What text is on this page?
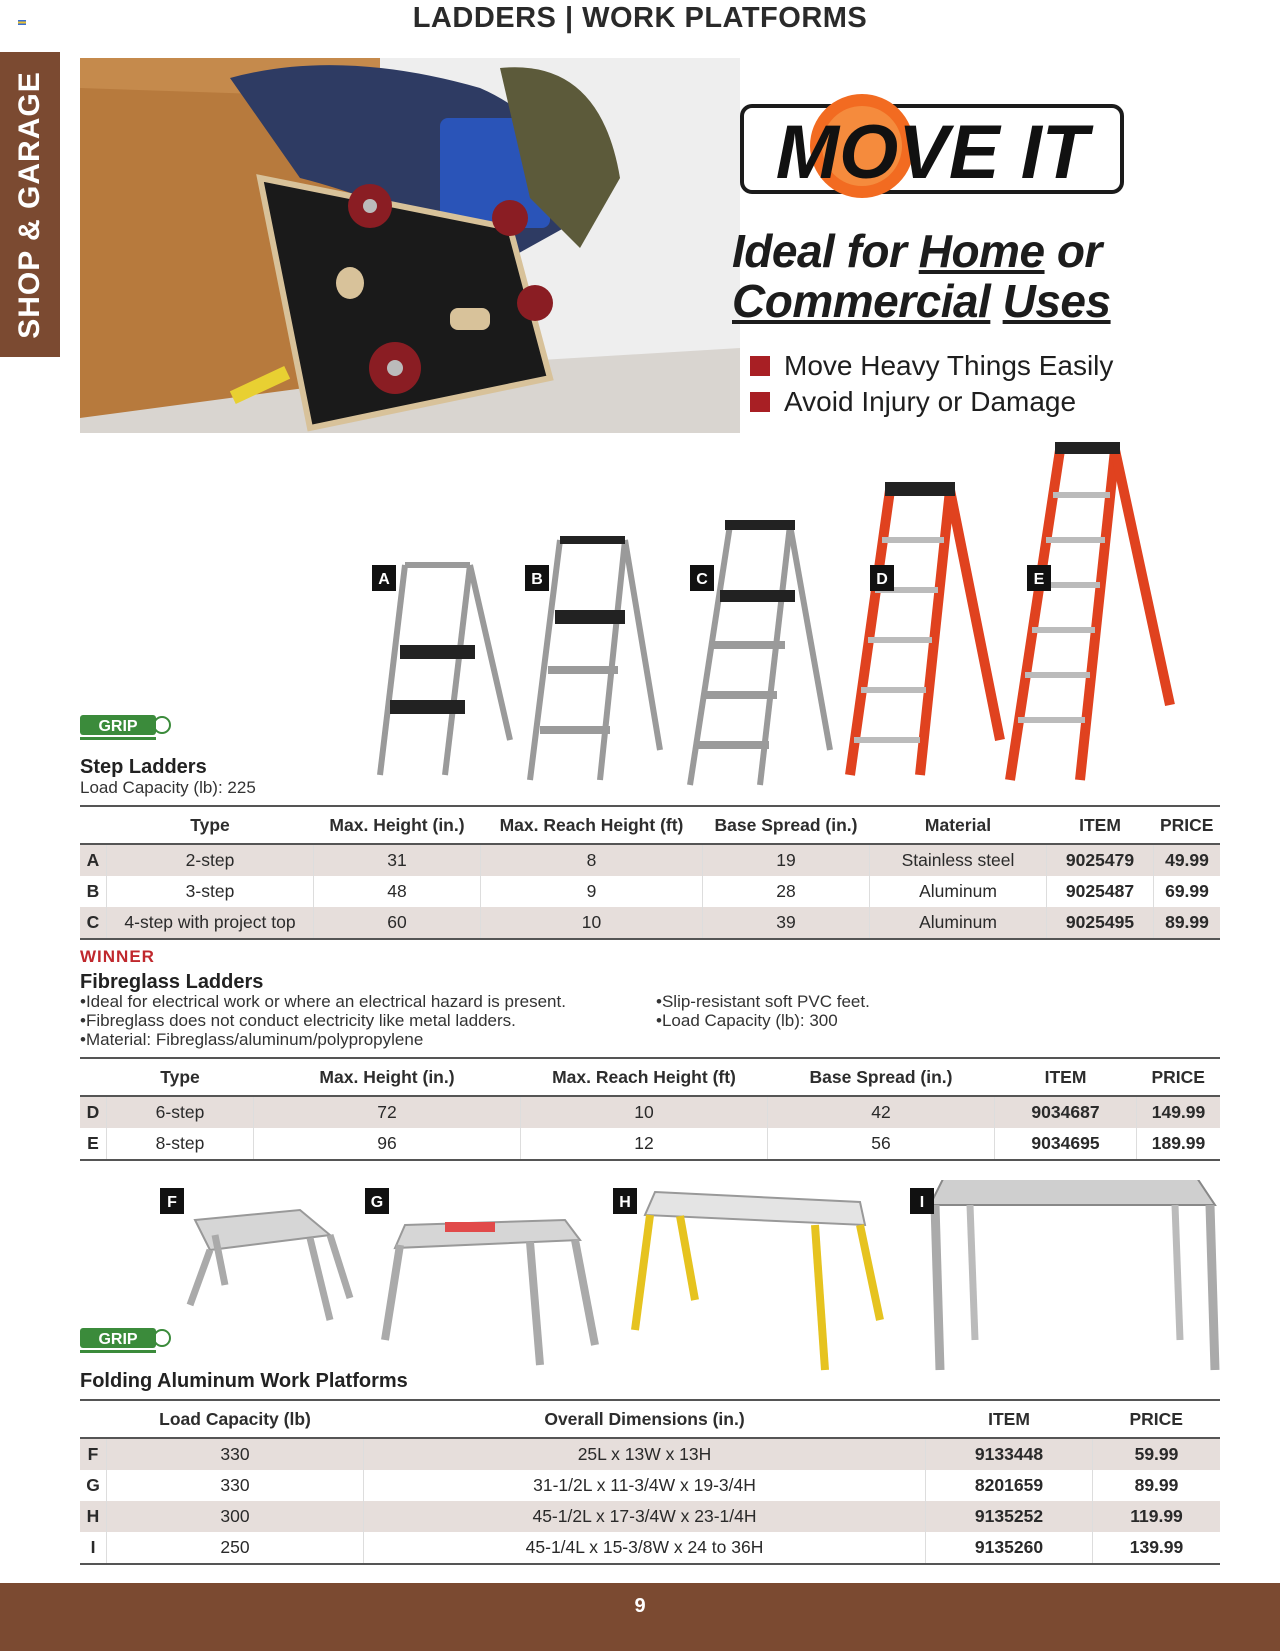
LADDERS | WORK PLATFORMS
SHOP & GARAGE	MOVE IT
Ideal for Home or
Commercial Uses
Move Heavy Things Easily
Avoid Injury or Damage
A	B	C	D	E
GRIP
Step Ladders
Load Capacity (lb): 225
	Type	Max. Height (in.)	Max. Reach Height (ft)	Base Spread (in.)	Material	ITEM	PRICE
A	2-step	31	8	19	Stainless steel	9025479	49.99
B	3-step	48	9	28	Aluminum	9025487	69.99
C	4-step with project top	60	10	39	Aluminum	9025495	89.99
WINNER
Fibreglass Ladders
•Ideal for electrical work or where an electrical hazard is present.
•Fibreglass does not conduct electricity like metal ladders.
•Material: Fibreglass/aluminum/polypropylene
•Slip-resistant soft PVC feet.
•Load Capacity (lb): 300
	Type	Max. Height (in.)	Max. Reach Height (ft)	Base Spread (in.)	ITEM	PRICE
D	6-step	72	10	42	9034687	149.99
E	8-step	96	12	56	9034695	189.99
F	G	H	I
GRIP
Folding Aluminum Work Platforms
	Load Capacity (lb)	Overall Dimensions (in.)	ITEM	PRICE
F	330	25L x 13W x 13H	9133448	59.99
G	330	31-1/2L x 11-3/4W x 19-3/4H	8201659	89.99
H	300	45-1/2L x 17-3/4W x 23-1/4H	9135252	119.99
I	250	45-1/4L x 15-3/8W x 24 to 36H	9135260	139.99
9
